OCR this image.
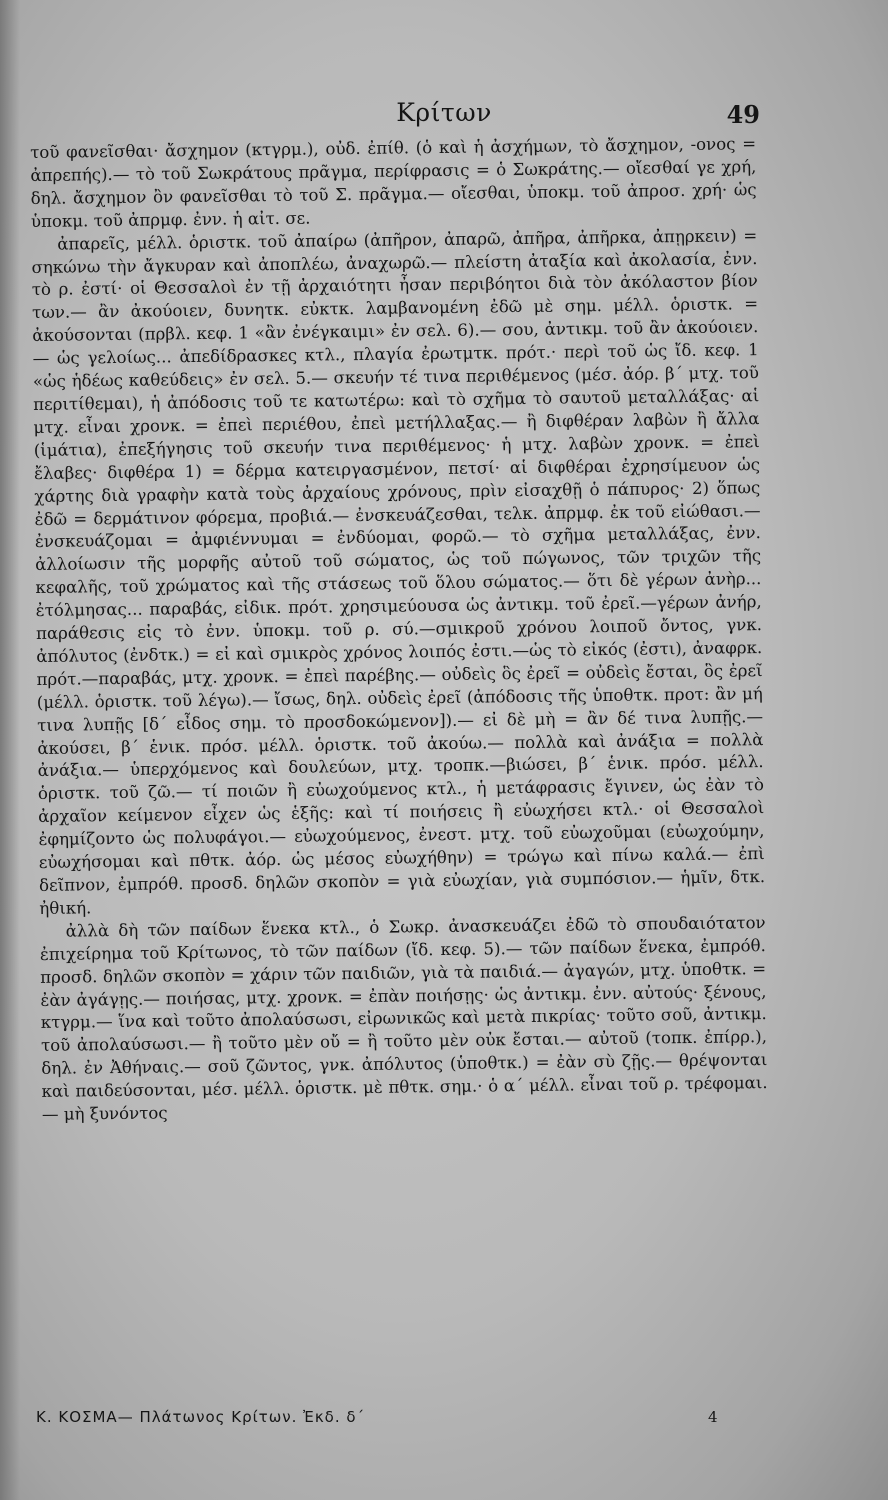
Κρίτων	49

τοῦ φανεῖσθαι· ἄσχημον (κτγρμ.), οὐδ. ἐπίθ. (ὁ καὶ ἡ ἀσχήμων, τὸ ἄσχημον, -ονος = ἀπρεπής).— τὸ τοῦ Σωκράτους πρᾶγμα, περίφρασις = ὁ Σωκράτης.— οἴεσθαί γε χρή, δηλ. ἄσχημον ὂν φανεῖσθαι τὸ τοῦ Σ. πρᾶγμα.— οἴεσθαι, ὑποκμ. τοῦ ἀπροσ. χρή· ὡς ὑποκμ. τοῦ ἀπρμφ. ἐνν. ἡ αἰτ. σε.

ἀπαρεῖς, μέλλ. ὁριστκ. τοῦ ἀπαίρω (ἀπῆρον, ἀπαρῶ, ἀπῆρα, ἀπῆρκα, ἀπῃρκειν) = σηκώνω τὴν ἄγκυραν καὶ ἀποπλέω, ἀναχωρῶ.— πλείστη ἀταξία καὶ ἀκολασία, ἐνν. τὸ ρ. ἐστί· οἱ Θεσσαλοὶ ἐν τῇ ἀρχαιότητι ἦσαν περιβόητοι διὰ τὸν ἀκόλαστον βίον των.— ἂν ἀκούοιεν, δυνητκ. εὐκτκ. λαμβανομένη ἐδῶ μὲ σημ. μέλλ. ὁριστκ. = ἀκούσονται (πρβλ. κεφ. 1 «ἂν ἐνέγκαιμι» ἐν σελ. 6).— σου, ἀντικμ. τοῦ ἂν ἀκούοιεν.— ὡς γελοίως... ἀπεδίδρασκες κτλ., πλαγία ἐρωτμτκ. πρότ.· περὶ τοῦ ὡς ἴδ. κεφ. 1 «ὡς ἡδέως καθεύδεις» ἐν σελ. 5.— σκευήν τέ τινα περιθέμενος (μέσ. ἀόρ. β΄ μτχ. τοῦ περιτίθεμαι), ἡ ἀπόδοσις τοῦ τε κατωτέρω: καὶ τὸ σχῆμα τὸ σαυτοῦ μεταλλάξας· αἱ μτχ. εἶναι χρονκ. = ἐπεὶ περιέθου, ἐπεὶ μετήλλαξας.— ἢ διφθέραν λαβὼν ἢ ἄλλα (ἱμάτια), ἐπεξήγησις τοῦ σκευήν τινα περιθέμενος· ἡ μτχ. λαβὼν χρονκ. = ἐπεὶ ἔλαβες· διφθέρα 1) = δέρμα κατειργασμένον, πετσί· αἱ διφθέραι ἐχρησίμευον ὡς χάρτης διὰ γραφὴν κατὰ τοὺς ἀρχαίους χρόνους, πρὶν εἰσαχθῇ ὁ πάπυρος· 2) ὅπως ἐδῶ = δερμάτινον φόρεμα, προβιά.— ἐνσκευάζεσθαι, τελκ. ἀπρμφ. ἐκ τοῦ εἰώθασι.— ἐνσκευάζομαι = ἀμφιέννυμαι = ἐνδύομαι, φορῶ.— τὸ σχῆμα μεταλλάξας, ἐνν. ἀλλοίωσιν τῆς μορφῆς αὐτοῦ τοῦ σώματος, ὡς τοῦ πώγωνος, τῶν τριχῶν τῆς κεφαλῆς, τοῦ χρώματος καὶ τῆς στάσεως τοῦ ὅλου σώματος.— ὅτι δὲ γέρων ἀνὴρ... ἐτόλμησας... παραβάς, εἰδικ. πρότ. χρησιμεύουσα ὡς ἀντικμ. τοῦ ἐρεῖ.—γέρων ἀνήρ, παράθεσις εἰς τὸ ἐνν. ὑποκμ. τοῦ ρ. σύ.—σμικροῦ χρόνου λοιποῦ ὄντος, γνκ. ἀπόλυτος (ἐνδτκ.) = εἰ καὶ σμικρὸς χρόνος λοιπός ἐστι.—ὡς τὸ εἰκός (ἐστι), ἀναφρκ. πρότ.—παραβάς, μτχ. χρονκ. = ἐπεὶ παρέβης.— οὐδεὶς ὃς ἐρεῖ = οὐδεὶς ἔσται, ὃς ἐρεῖ (μέλλ. ὁριστκ. τοῦ λέγω).— ἴσως, δηλ. οὐδεὶς ἐρεῖ (ἀπόδοσις τῆς ὑποθτκ. προτ: ἂν μή τινα λυπῇς [δ΄ εἶδος σημ. τὸ προσδοκώμενον]).— εἰ δὲ μὴ = ἂν δέ τινα λυπῇς.— ἀκούσει, β΄ ἑνικ. πρόσ. μέλλ. ὁριστκ. τοῦ ἀκούω.— πολλὰ καὶ ἀνάξια = πολλὰ ἀνάξια.— ὑπερχόμενος καὶ δουλεύων, μτχ. τροπκ.—βιώσει, β΄ ἑνικ. πρόσ. μέλλ. ὁριστκ. τοῦ ζῶ.— τί ποιῶν ἢ εὐωχούμενος κτλ., ἡ μετάφρασις ἔγινεν, ὡς ἐὰν τὸ ἀρχαῖον κείμενον εἶχεν ὡς ἑξῆς: καὶ τί ποιήσεις ἢ εὐωχήσει κτλ.· οἱ Θεσσαλοὶ ἐφημίζοντο ὡς πολυφάγοι.— εὐωχούμενος, ἐνεστ. μτχ. τοῦ εὐωχοῦμαι (εὐωχούμην, εὐωχήσομαι καὶ πθτκ. ἀόρ. ὡς μέσος εὐωχήθην) = τρώγω καὶ πίνω καλά.— ἐπὶ δεῖπνον, ἐμπρόθ. προσδ. δηλῶν σκοπὸν = γιὰ εὐωχίαν, γιὰ συμπόσιον.— ἡμῖν, δτκ. ἠθική.

ἀλλὰ δὴ τῶν παίδων ἕνεκα κτλ., ὁ Σωκρ. ἀνασκευάζει ἐδῶ τὸ σπουδαιότατον ἐπιχείρημα τοῦ Κρίτωνος, τὸ τῶν παίδων (ἴδ. κεφ. 5).— τῶν παίδων ἕνεκα, ἐμπρόθ. προσδ. δηλῶν σκοπὸν = χάριν τῶν παιδιῶν, γιὰ τὰ παιδιά.— ἀγαγών, μτχ. ὑποθτκ. = ἐὰν ἀγάγῃς.— ποιήσας, μτχ. χρονκ. = ἐπὰν ποιήσῃς· ὡς ἀντικμ. ἐνν. αὐτούς· ξένους, κτγρμ.— ἵνα καὶ τοῦτο ἀπολαύσωσι, εἰρωνικῶς καὶ μετὰ πικρίας· τοῦτο σοῦ, ἀντικμ. τοῦ ἀπολαύσωσι.— ἢ τοῦτο μὲν οὔ = ἢ τοῦτο μὲν οὐκ ἔσται.— αὐτοῦ (τοπκ. ἐπίρρ.), δηλ. ἐν Ἀθήναις.— σοῦ ζῶντος, γνκ. ἀπόλυτος (ὑποθτκ.) = ἐὰν σὺ ζῇς.— θρέψονται καὶ παιδεύσονται, μέσ. μέλλ. ὁριστκ. μὲ πθτκ. σημ.· ὁ α΄ μέλλ. εἶναι τοῦ ρ. τρέφομαι.— μὴ ξυνόντος

Κ. ΚΟΣΜΑ— Πλάτωνος Κρίτων. Ἐκδ. δ΄	4
